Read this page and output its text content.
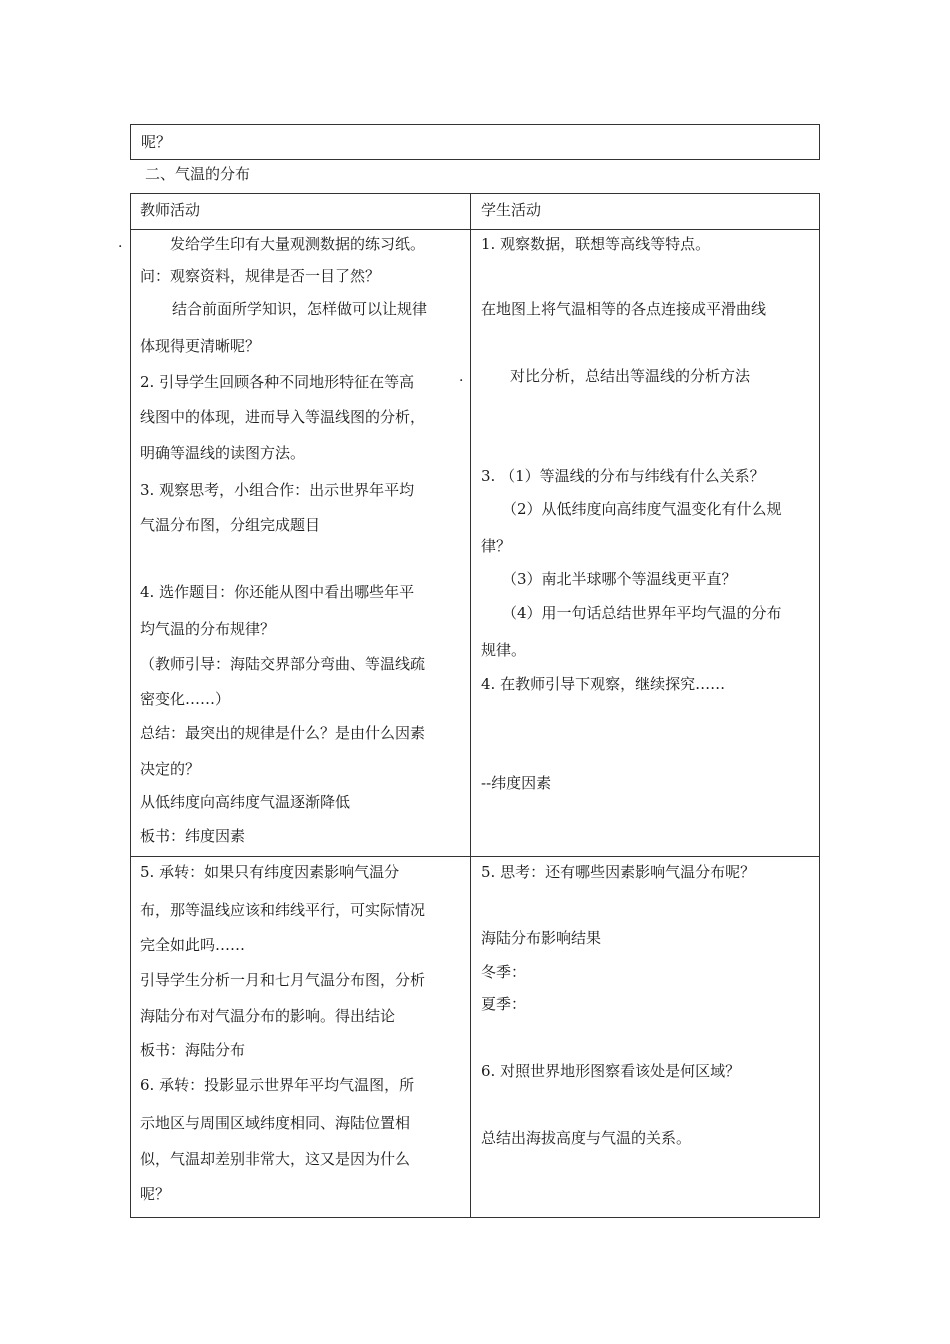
呢？
二、气温的分布
教师活动	学生活动
.
·
发给学生印有大量观测数据的练习纸。
问：观察资料，规律是否一目了然？
结合前面所学知识，怎样做可以让规律
体现得更清晰呢？
2. 引导学生回顾各种不同地形特征在等高
线图中的体现，进而导入等温线图的分析，
明确等温线的读图方法。
3. 观察思考，小组合作：出示世界年平均
气温分布图，分组完成题目
4. 选作题目：你还能从图中看出哪些年平
均气温的分布规律？
（教师引导：海陆交界部分弯曲、等温线疏
密变化……）
总结：最突出的规律是什么？是由什么因素
决定的？
从低纬度向高纬度气温逐渐降低
板书：纬度因素
1. 观察数据，联想等高线等特点。
在地图上将气温相等的各点连接成平滑曲线
对比分析，总结出等温线的分析方法
3. （1）等温线的分布与纬线有什么关系？
（2）从低纬度向高纬度气温变化有什么规
律？
（3）南北半球哪个等温线更平直？
（4）用一句话总结世界年平均气温的分布
规律。
4. 在教师引导下观察，继续探究……
--纬度因素
5. 承转：如果只有纬度因素影响气温分
布，那等温线应该和纬线平行，可实际情况
完全如此吗……
引导学生分析一月和七月气温分布图，分析
海陆分布对气温分布的影响。得出结论
板书：海陆分布
6. 承转：投影显示世界年平均气温图，所
示地区与周围区域纬度相同、海陆位置相
似，气温却差别非常大，这又是因为什么
呢？
5. 思考：还有哪些因素影响气温分布呢？
海陆分布影响结果
冬季：
夏季：
6. 对照世界地形图察看该处是何区域？
总结出海拔高度与气温的关系。
